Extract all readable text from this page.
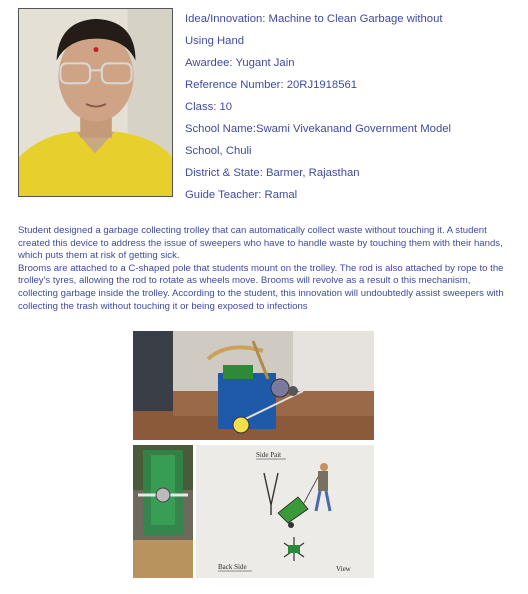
Idea/Innovation: Machine to Clean Garbage without
Using Hand
Awardee: Yugant Jain
Reference Number: 20RJ1918561
Class: 10
School Name:Swami Vivekanand Government Model
School, Chuli
District & State: Barmer, Rajasthan
Guide Teacher: Ramal

Student designed a garbage collecting trolley that can automatically collect waste without touching it. A student created this device to address the issue of sweepers who have to handle waste by touching them with their hands, which puts them at risk of getting sick.

Brooms are attached to a C-shaped pole that students mount on the trolley. The rod is also attached by rope to the trolley's tyres, allowing the rod to rotate as wheels move. Brooms will revolve as a result o this mechanism, collecting garbage inside the trolley. According to the student, this innovation will undoubtedly assist sweepers with collecting the trash without touching it or being exposed to infections

Side Pait
Back Side	View
